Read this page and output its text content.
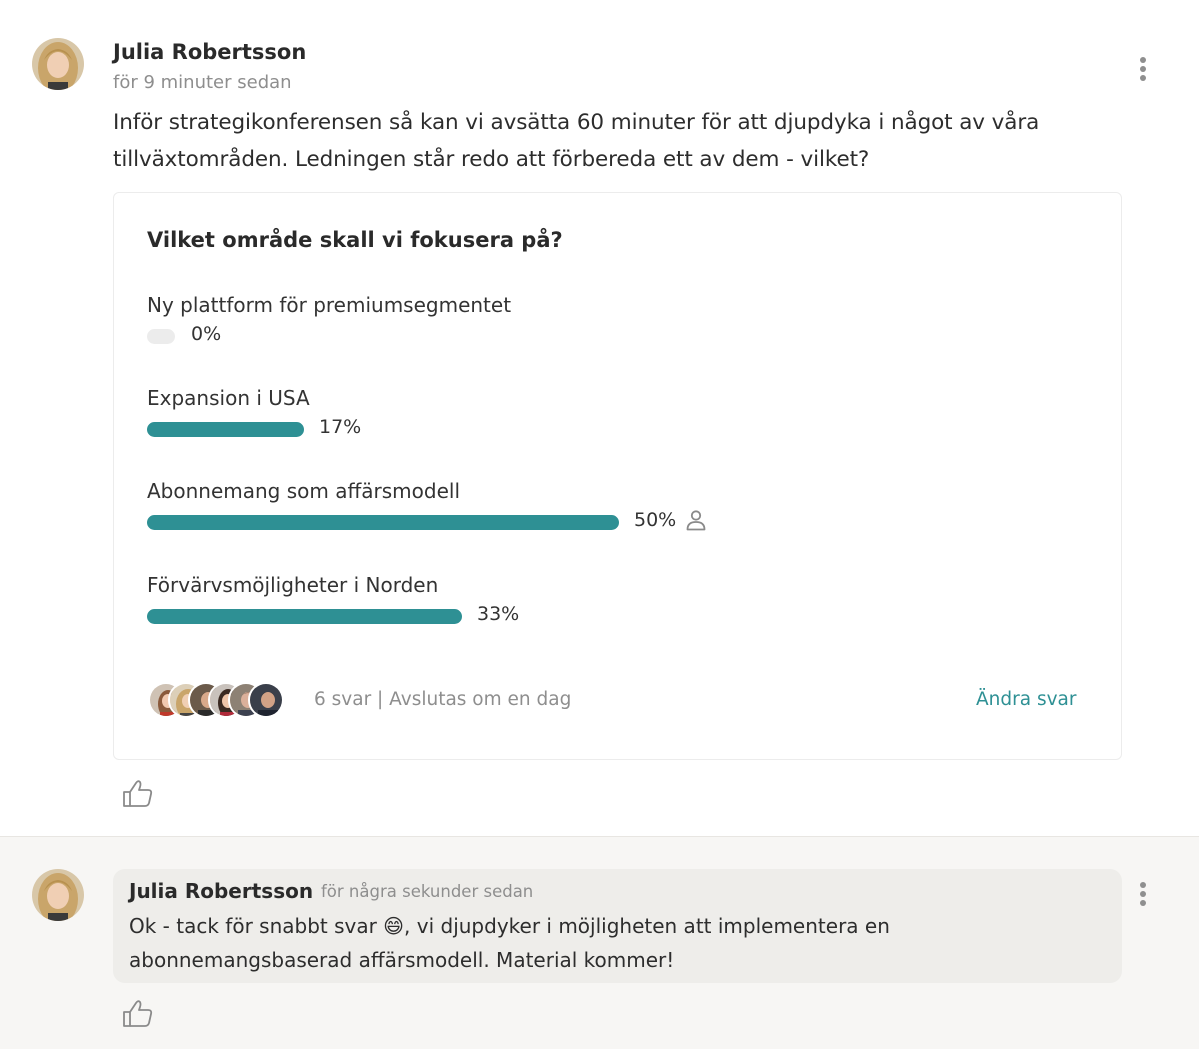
Julia Robertsson
för 9 minuter sedan
Inför strategikonferensen så kan vi avsätta 60 minuter för att djupdyka i något av våra tillväxtområden. Ledningen står redo att förbereda ett av dem - vilket?
Vilket område skall vi fokusera på?
Ny plattform för premiumsegmentet
0%
Expansion i USA
17%
Abonnemang som affärsmodell
50%
Förvärvsmöjligheter i Norden
33%
6 svar | Avslutas om en dag	Ändra svar
Julia Robertsson för några sekunder sedan
Ok - tack för snabbt svar 😄, vi djupdyker i möjligheten att implementera en abonnemangsbaserad affärsmodell. Material kommer!
